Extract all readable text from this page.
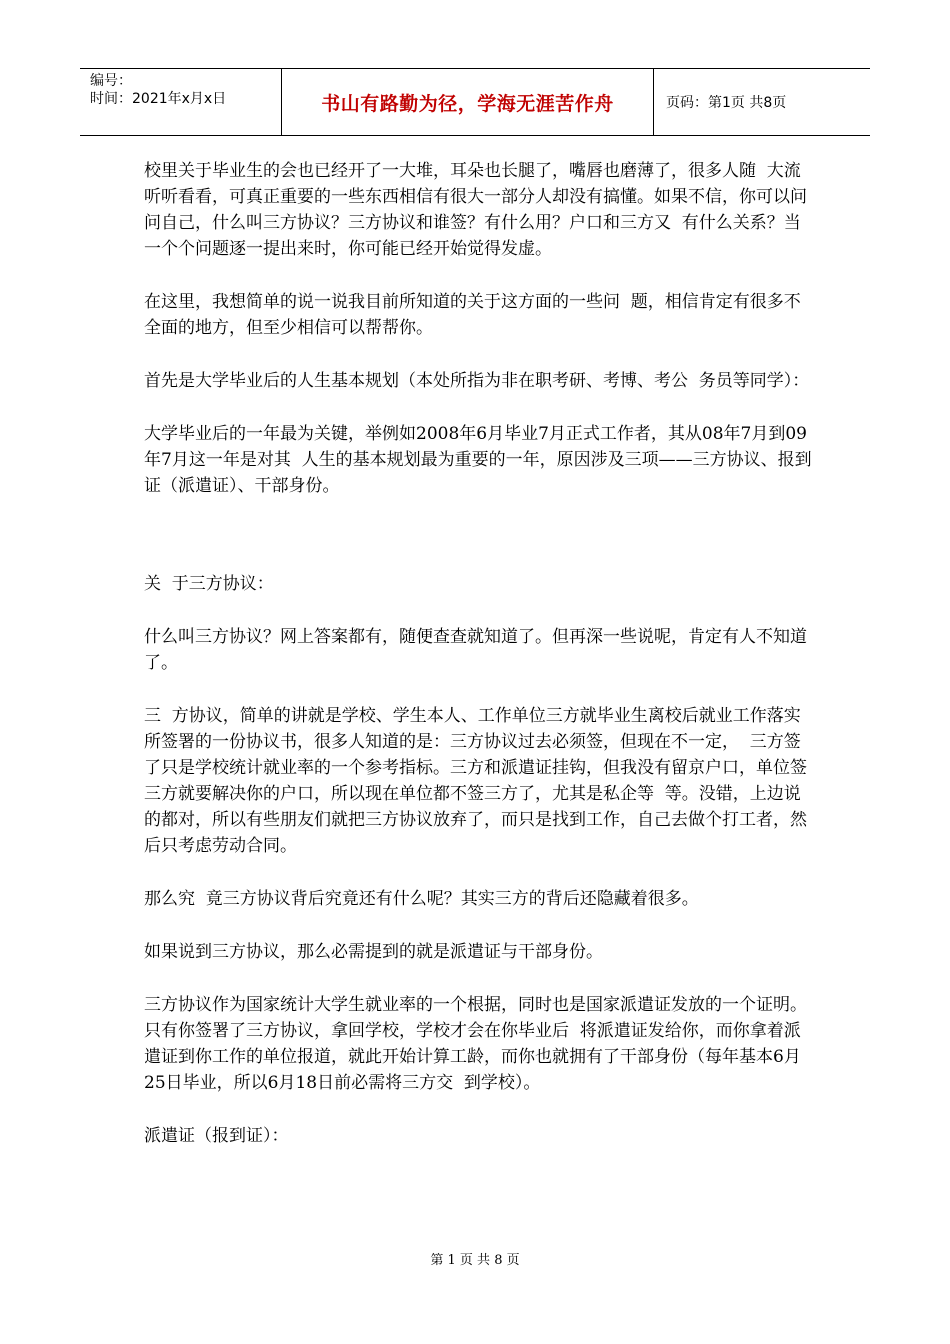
编号：
时间：2021年x月x日	书山有路勤为径，学海无涯苦作舟	页码：第1页 共8页

校里关于毕业生的会也已经开了一大堆，耳朵也长腿了，嘴唇也磨薄了，很多人随  大流听听看看，可真正重要的一些东西相信有很大一部分人却没有搞懂。如果不信，你可以问问自己，什么叫三方协议？三方协议和谁签？有什么用？户口和三方又  有什么关系？当一个个问题逐一提出来时，你可能已经开始觉得发虚。

在这里，我想简单的说一说我目前所知道的关于这方面的一些问  题，相信肯定有很多不全面的地方，但至少相信可以帮帮你。

首先是大学毕业后的人生基本规划（本处所指为非在职考研、考博、考公  务员等同学）：

大学毕业后的一年最为关键，举例如2008年6月毕业7月正式工作者，其从08年7月到09年7月这一年是对其  人生的基本规划最为重要的一年，原因涉及三项——三方协议、报到证（派遣证）、干部身份。

关  于三方协议：

什么叫三方协议？网上答案都有，随便查查就知道了。但再深一些说呢，肯定有人不知道了。

三  方协议，简单的讲就是学校、学生本人、工作单位三方就毕业生离校后就业工作落实所签署的一份协议书，很多人知道的是：三方协议过去必须签，但现在不一定，  三方签了只是学校统计就业率的一个参考指标。三方和派遣证挂钩，但我没有留京户口，单位签三方就要解决你的户口，所以现在单位都不签三方了，尤其是私企等  等。没错，上边说的都对，所以有些朋友们就把三方协议放弃了，而只是找到工作，自己去做个打工者，然后只考虑劳动合同。

那么究  竟三方协议背后究竟还有什么呢？其实三方的背后还隐藏着很多。

如果说到三方协议，那么必需提到的就是派遣证与干部身份。

三方协议作为国家统计大学生就业率的一个根据，同时也是国家派遣证发放的一个证明。只有你签署了三方协议，拿回学校，学校才会在你毕业后  将派遣证发给你，而你拿着派遣证到你工作的单位报道，就此开始计算工龄，而你也就拥有了干部身份（每年基本6月25日毕业，所以6月18日前必需将三方交  到学校）。

派遣证（报到证）：

第 1 页 共 8 页
